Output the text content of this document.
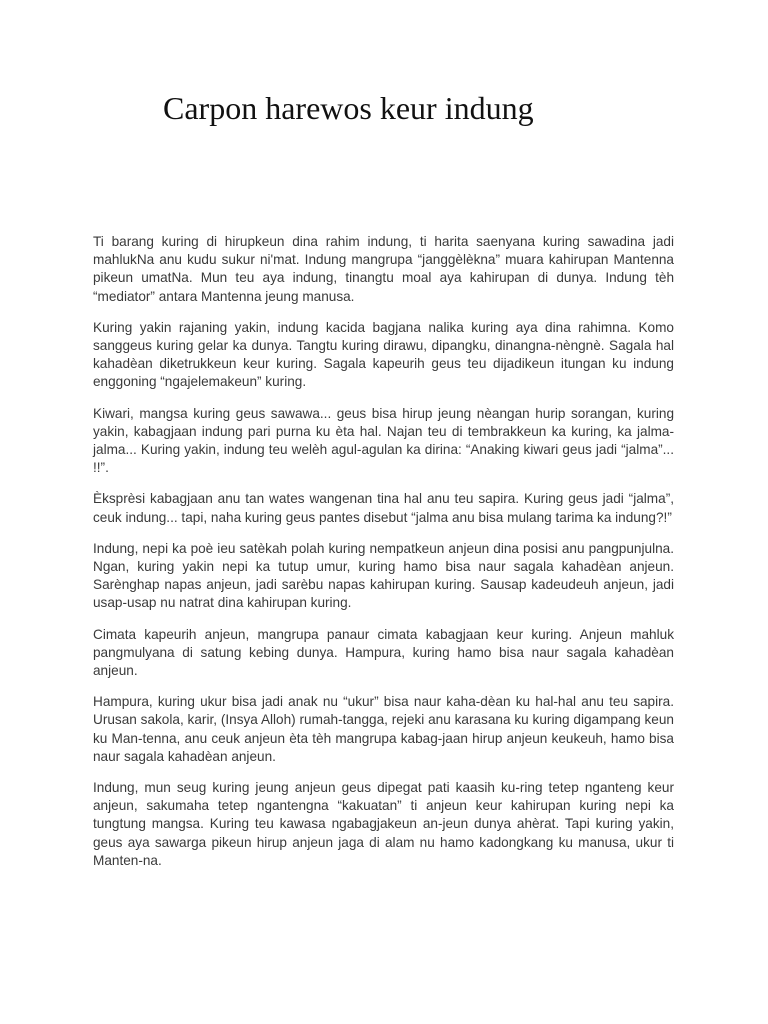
Carpon harewos keur indung

Ti barang kuring di hirupkeun dina rahim indung, ti harita saenyana kuring sawadina jadi mahlukNa anu kudu sukur ni'mat. Indung mangrupa “janggèlèkna” muara kahirupan Mantenna pikeun umatNa. Mun teu aya indung, tinangtu moal aya kahirupan di dunya. Indung tèh “mediator” antara Mantenna jeung manusa.

Kuring yakin rajaning yakin, indung kacida bagjana nalika kuring aya dina rahimna. Komo sanggeus kuring gelar ka dunya. Tangtu kuring dirawu, dipangku, dinangna-nèngnè. Sagala hal kahadèan diketrukkeun keur kuring. Sagala kapeurih geus teu dijadikeun itungan ku indung enggoning “ngajelemakeun” kuring.

Kiwari, mangsa kuring geus sawawa... geus bisa hirup jeung nèangan hurip sorangan, kuring yakin, kabagjaan indung pari purna ku èta hal. Najan teu di tembrakkeun ka kuring, ka jalma-jalma... Kuring yakin, indung teu welèh agul-agulan ka dirina: “Anaking kiwari geus jadi “jalma”... !!”.

Èksprèsi kabagjaan anu tan wates wangenan tina hal anu teu sapira. Kuring geus jadi “jalma”, ceuk indung... tapi, naha kuring geus pantes disebut “jalma anu bisa mulang tarima ka indung?!”

Indung, nepi ka poè ieu satèkah polah kuring nempatkeun anjeun dina posisi anu pangpunjulna. Ngan, kuring yakin nepi ka tutup umur, kuring hamo bisa naur sagala kahadèan anjeun. Sarènghap napas anjeun, jadi sarèbu napas kahirupan kuring. Sausap kadeudeuh anjeun, jadi usap-usap nu natrat dina kahirupan kuring.

Cimata kapeurih anjeun, mangrupa panaur cimata kabagjaan keur kuring. Anjeun mahluk pangmulyana di satung kebing dunya. Hampura, kuring hamo bisa naur sagala kahadèan anjeun.

Hampura, kuring ukur bisa jadi anak nu “ukur” bisa naur kaha-dèan ku hal-hal anu teu sapira. Urusan sakola, karir, (Insya Alloh) rumah-tangga, rejeki anu karasana ku kuring digampang keun ku Man-tenna, anu ceuk anjeun èta tèh mangrupa kabag-jaan hirup anjeun keukeuh, hamo bisa naur sagala kahadèan anjeun.

Indung, mun seug kuring jeung anjeun geus dipegat pati kaasih ku-ring tetep nganteng keur anjeun, sakumaha tetep ngantengna “kakuatan” ti anjeun keur kahirupan kuring nepi ka tungtung mangsa. Kuring teu kawasa ngabagjakeun an-jeun dunya ahèrat. Tapi kuring yakin, geus aya sawarga pikeun hirup anjeun jaga di alam nu hamo kadongkang ku manusa, ukur ti Manten-na.
